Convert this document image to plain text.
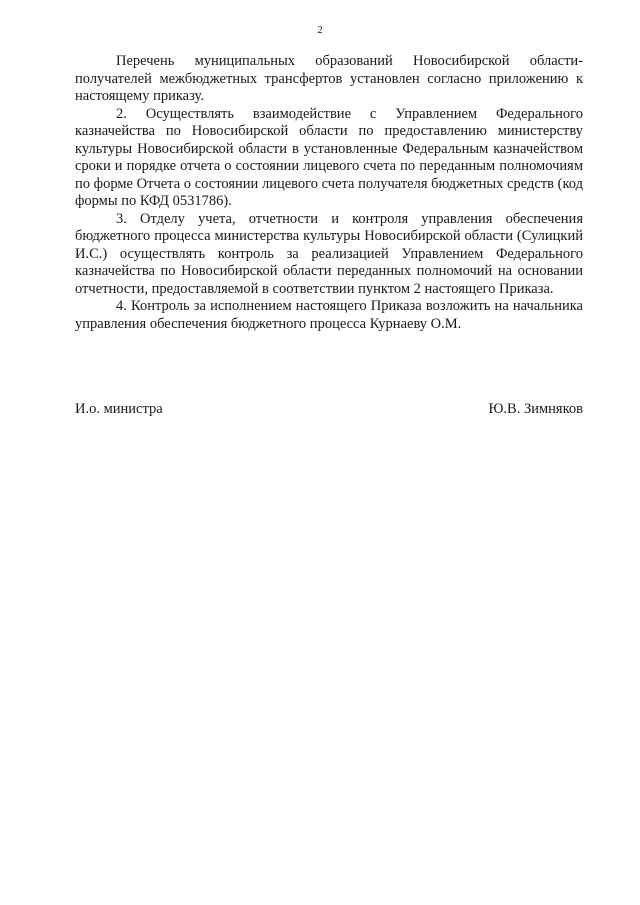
2

Перечень муниципальных образований Новосибирской области-получателей межбюджетных трансфертов установлен согласно приложению к настоящему приказу.

2. Осуществлять взаимодействие с Управлением Федерального казначейства по Новосибирской области по предоставлению министерству культуры Новосибирской области в установленные Федеральным казначейством сроки и порядке отчета о состоянии лицевого счета по переданным полномочиям по форме Отчета о состоянии лицевого счета получателя бюджетных средств (код формы по КФД 0531786).

3. Отделу учета, отчетности и контроля управления обеспечения бюджетного процесса министерства культуры Новосибирской области (Сулицкий И.С.) осуществлять контроль за реализацией Управлением Федерального казначейства по Новосибирской области переданных полномочий на основании отчетности, предоставляемой в соответствии пунктом 2 настоящего Приказа.

4. Контроль за исполнением настоящего Приказа возложить на начальника управления обеспечения бюджетного процесса Курнаеву О.М.

И.о. министра	Ю.В. Зимняков
